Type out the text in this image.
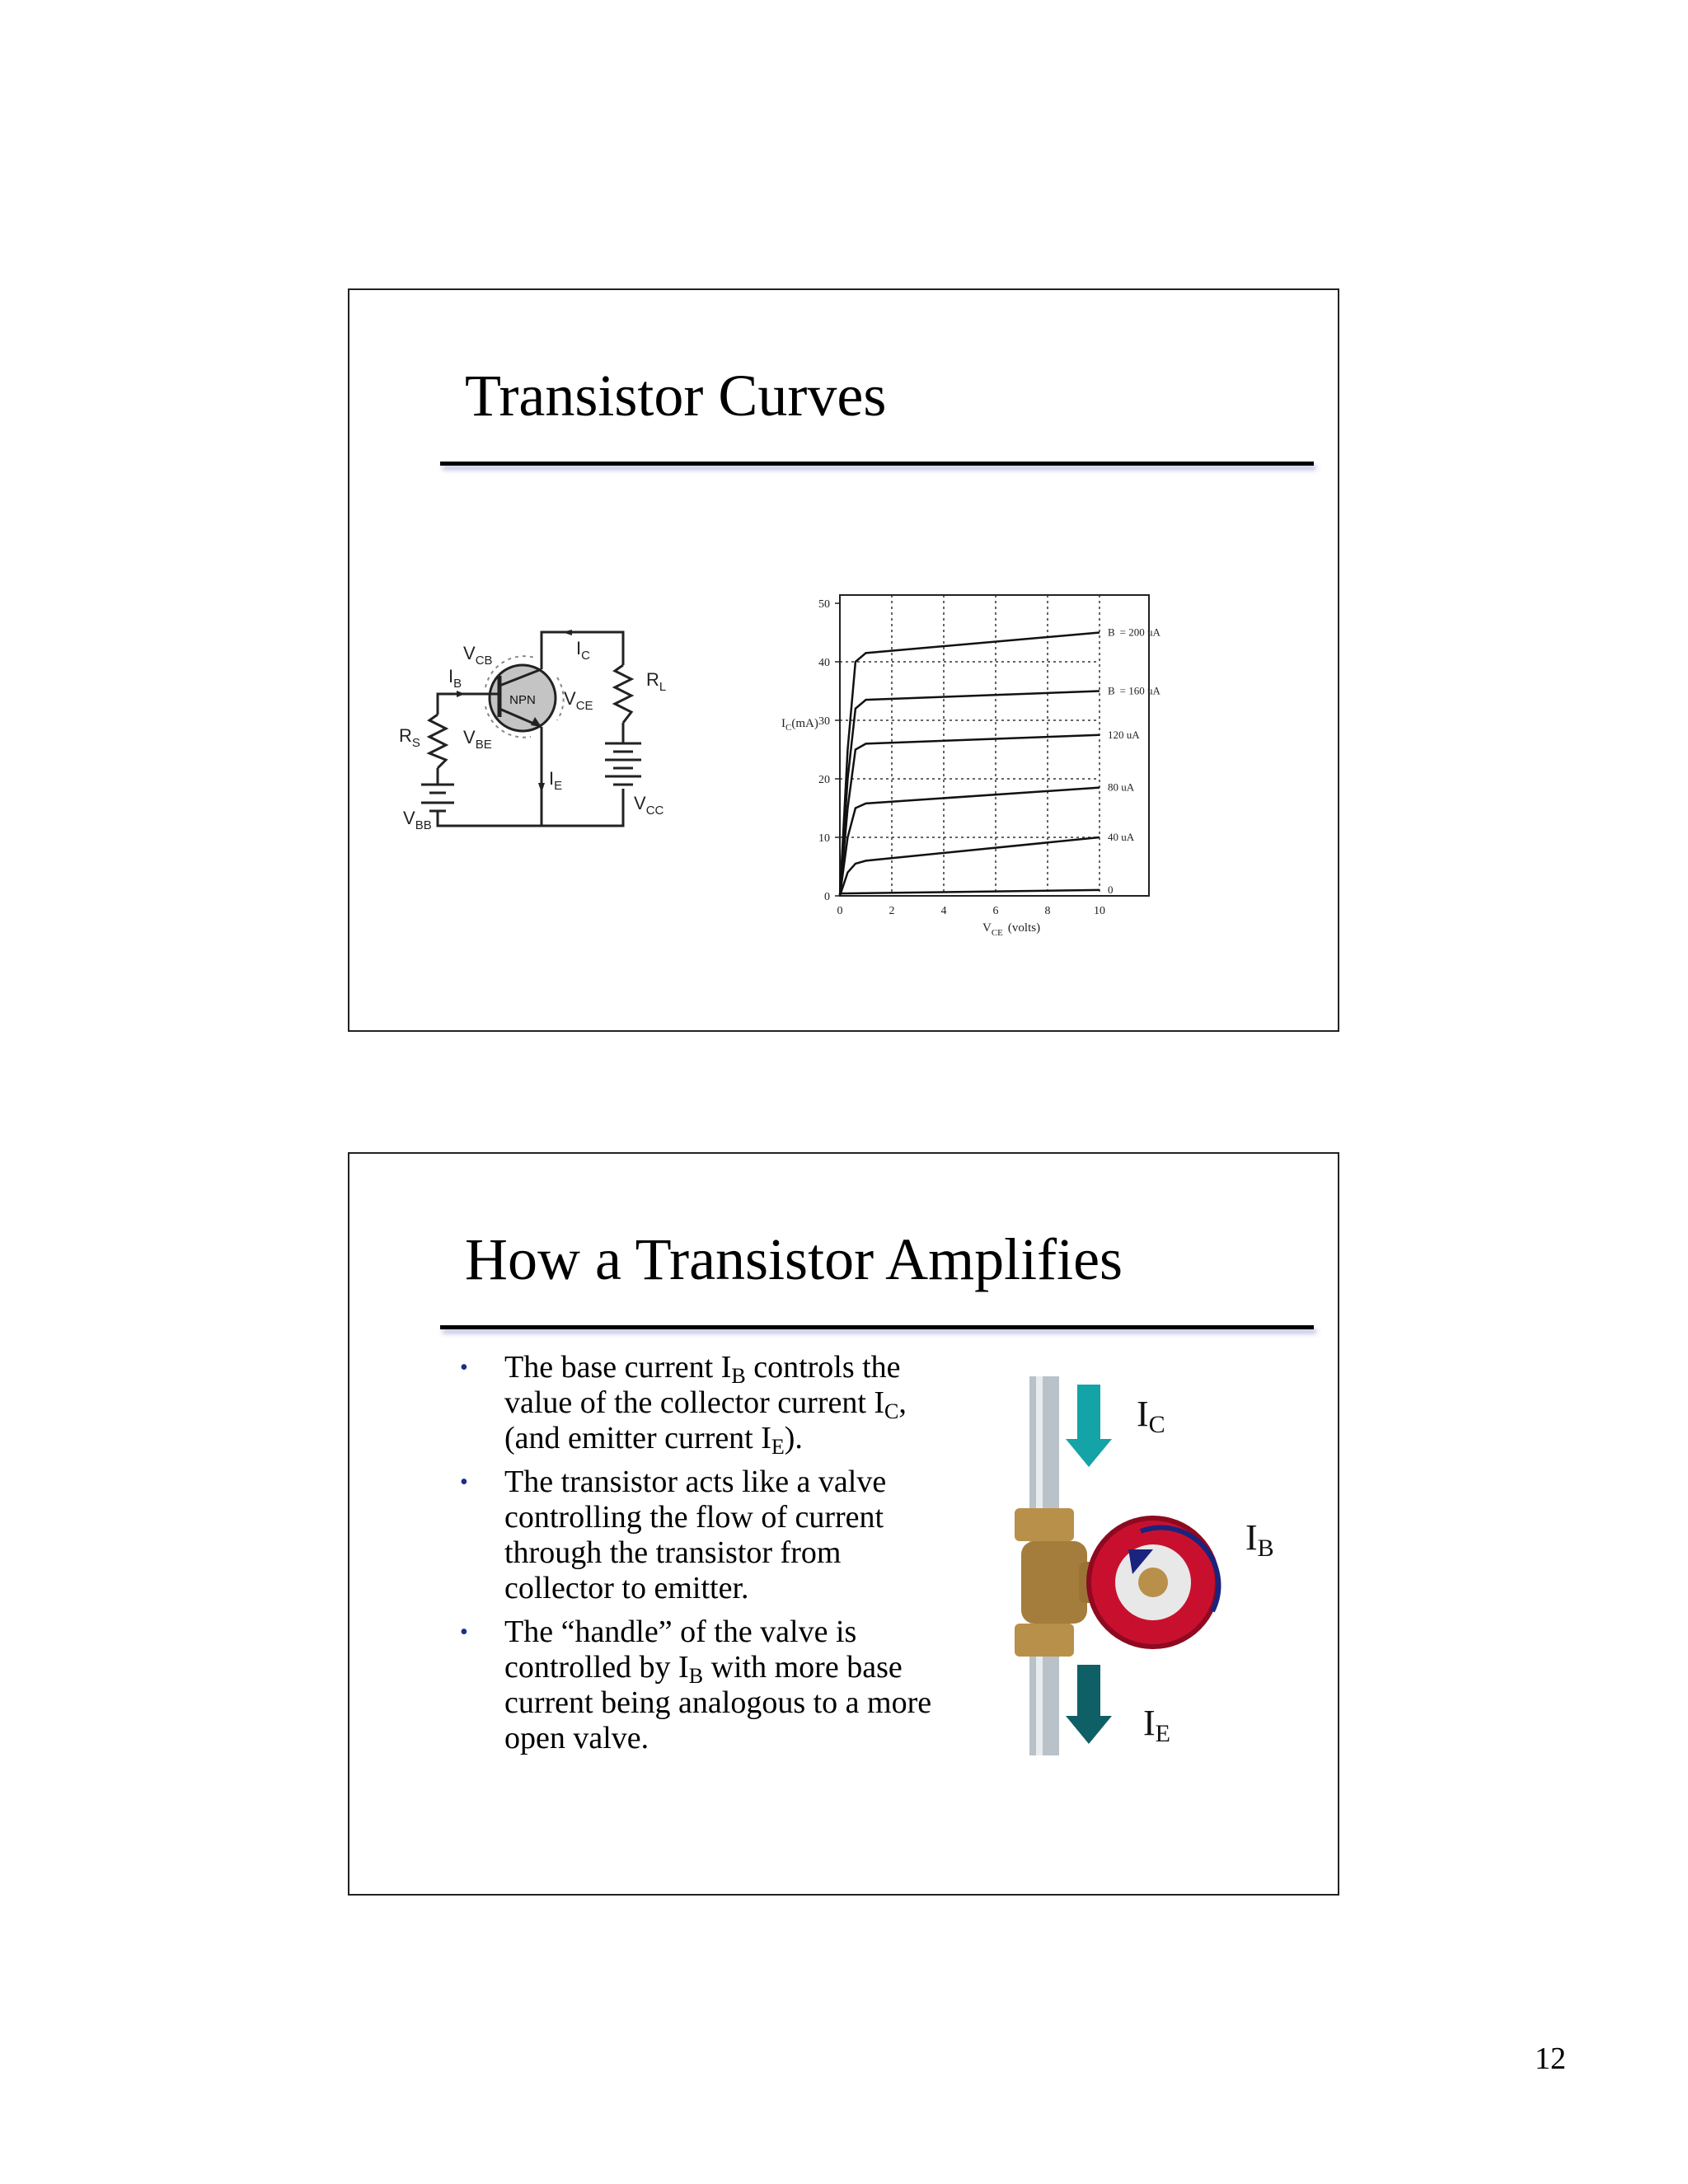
Transistor Curves
NPN
$V_{CB}$
$I_C$
$I_B$	$R_L$
$V_{CE}$
$R_S$ $V_{BE}$
$I_E$
$V_{BB}$
$V_{CC}$
B = 200 uA
B = 160 uA
120 uA
80 uA
40 uA
0
0	2	4	6	8	10
0
10
20
30
40
50
$I_C(mA)$
$V_{CE}$ (volts)
How a Transistor Amplifies
• The base current $I_B$ controls the value of the collector current $I_C$, (and emitter current $I_E$).
• The transistor acts like a valve controlling the flow of current through the transistor from collector to emitter.
• The “handle” of the valve is controlled by $I_B$ with more base current being analogous to a more open valve.
IC
IB
IE
12
